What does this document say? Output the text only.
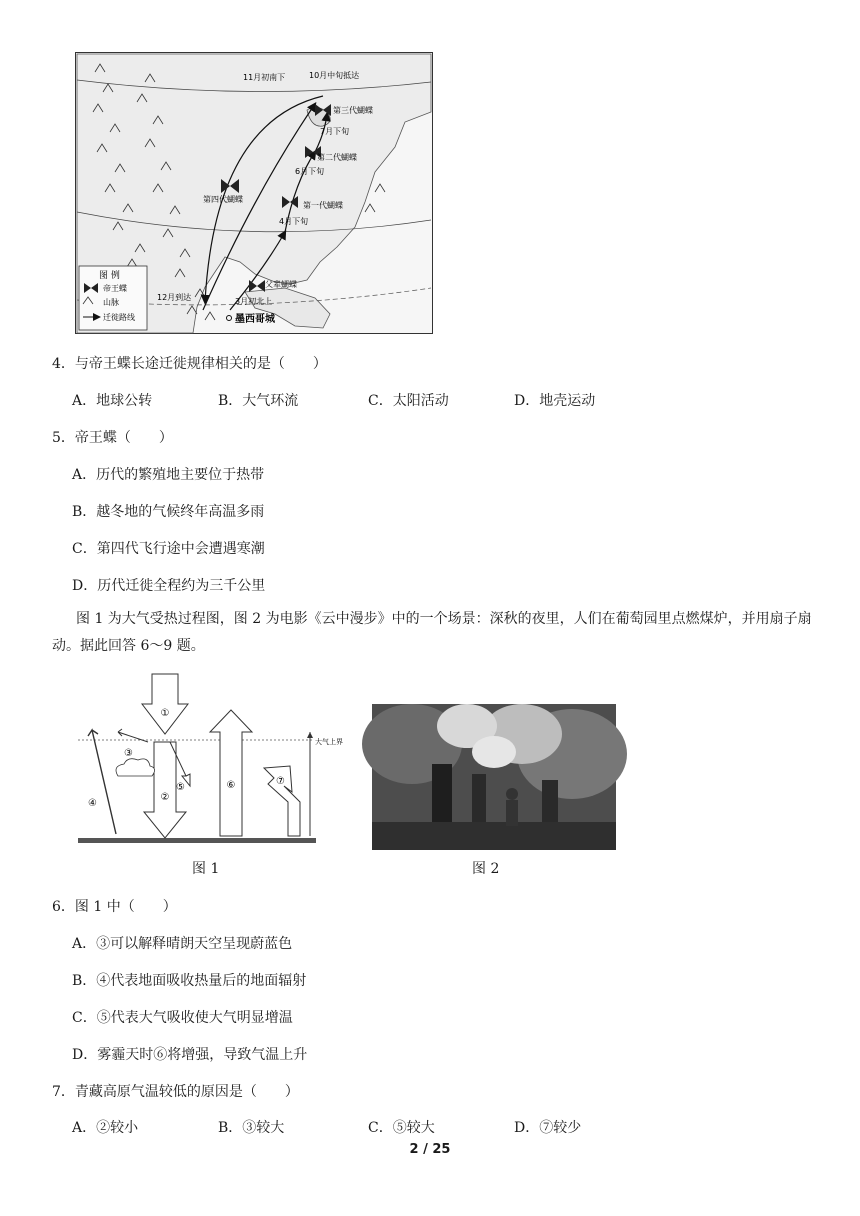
11月初南下	10月中旬抵达
第三代蝴蝶
7月下旬
第二代蝴蝶
6月下旬
第四代蝴蝶
第一代蝴蝶
4月下旬
12月到达
父辈蝴蝶
3月初北上
墨西哥城
图 例
帝王蝶
山脉
迁徙路线
4．与帝王蝶长途迁徙规律相关的是（　　）
A．地球公转	B．大气环流	C．太阳活动	D．地壳运动
5．帝王蝶（　　）
A．历代的繁殖地主要位于热带
B．越冬地的气候终年高温多雨
C．第四代飞行途中会遭遇寒潮
D．历代迁徙全程约为三千公里
图 1 为大气受热过程图，图 2 为电影《云中漫步》中的一个场景：深秋的夜里，人们在葡萄园里点燃煤炉，并用扇子扇动。据此回答 6～9 题。
大气上界
①
②
③
④
⑤	⑥	⑦
图 1	图 2
6．图 1 中（　　）
A．③可以解释晴朗天空呈现蔚蓝色
B．④代表地面吸收热量后的地面辐射
C．⑤代表大气吸收使大气明显增温
D．雾霾天时⑥将增强，导致气温上升
7．青藏高原气温较低的原因是（　　）
A．②较小	B．③较大	C．⑤较大	D．⑦较少
2 / 25
